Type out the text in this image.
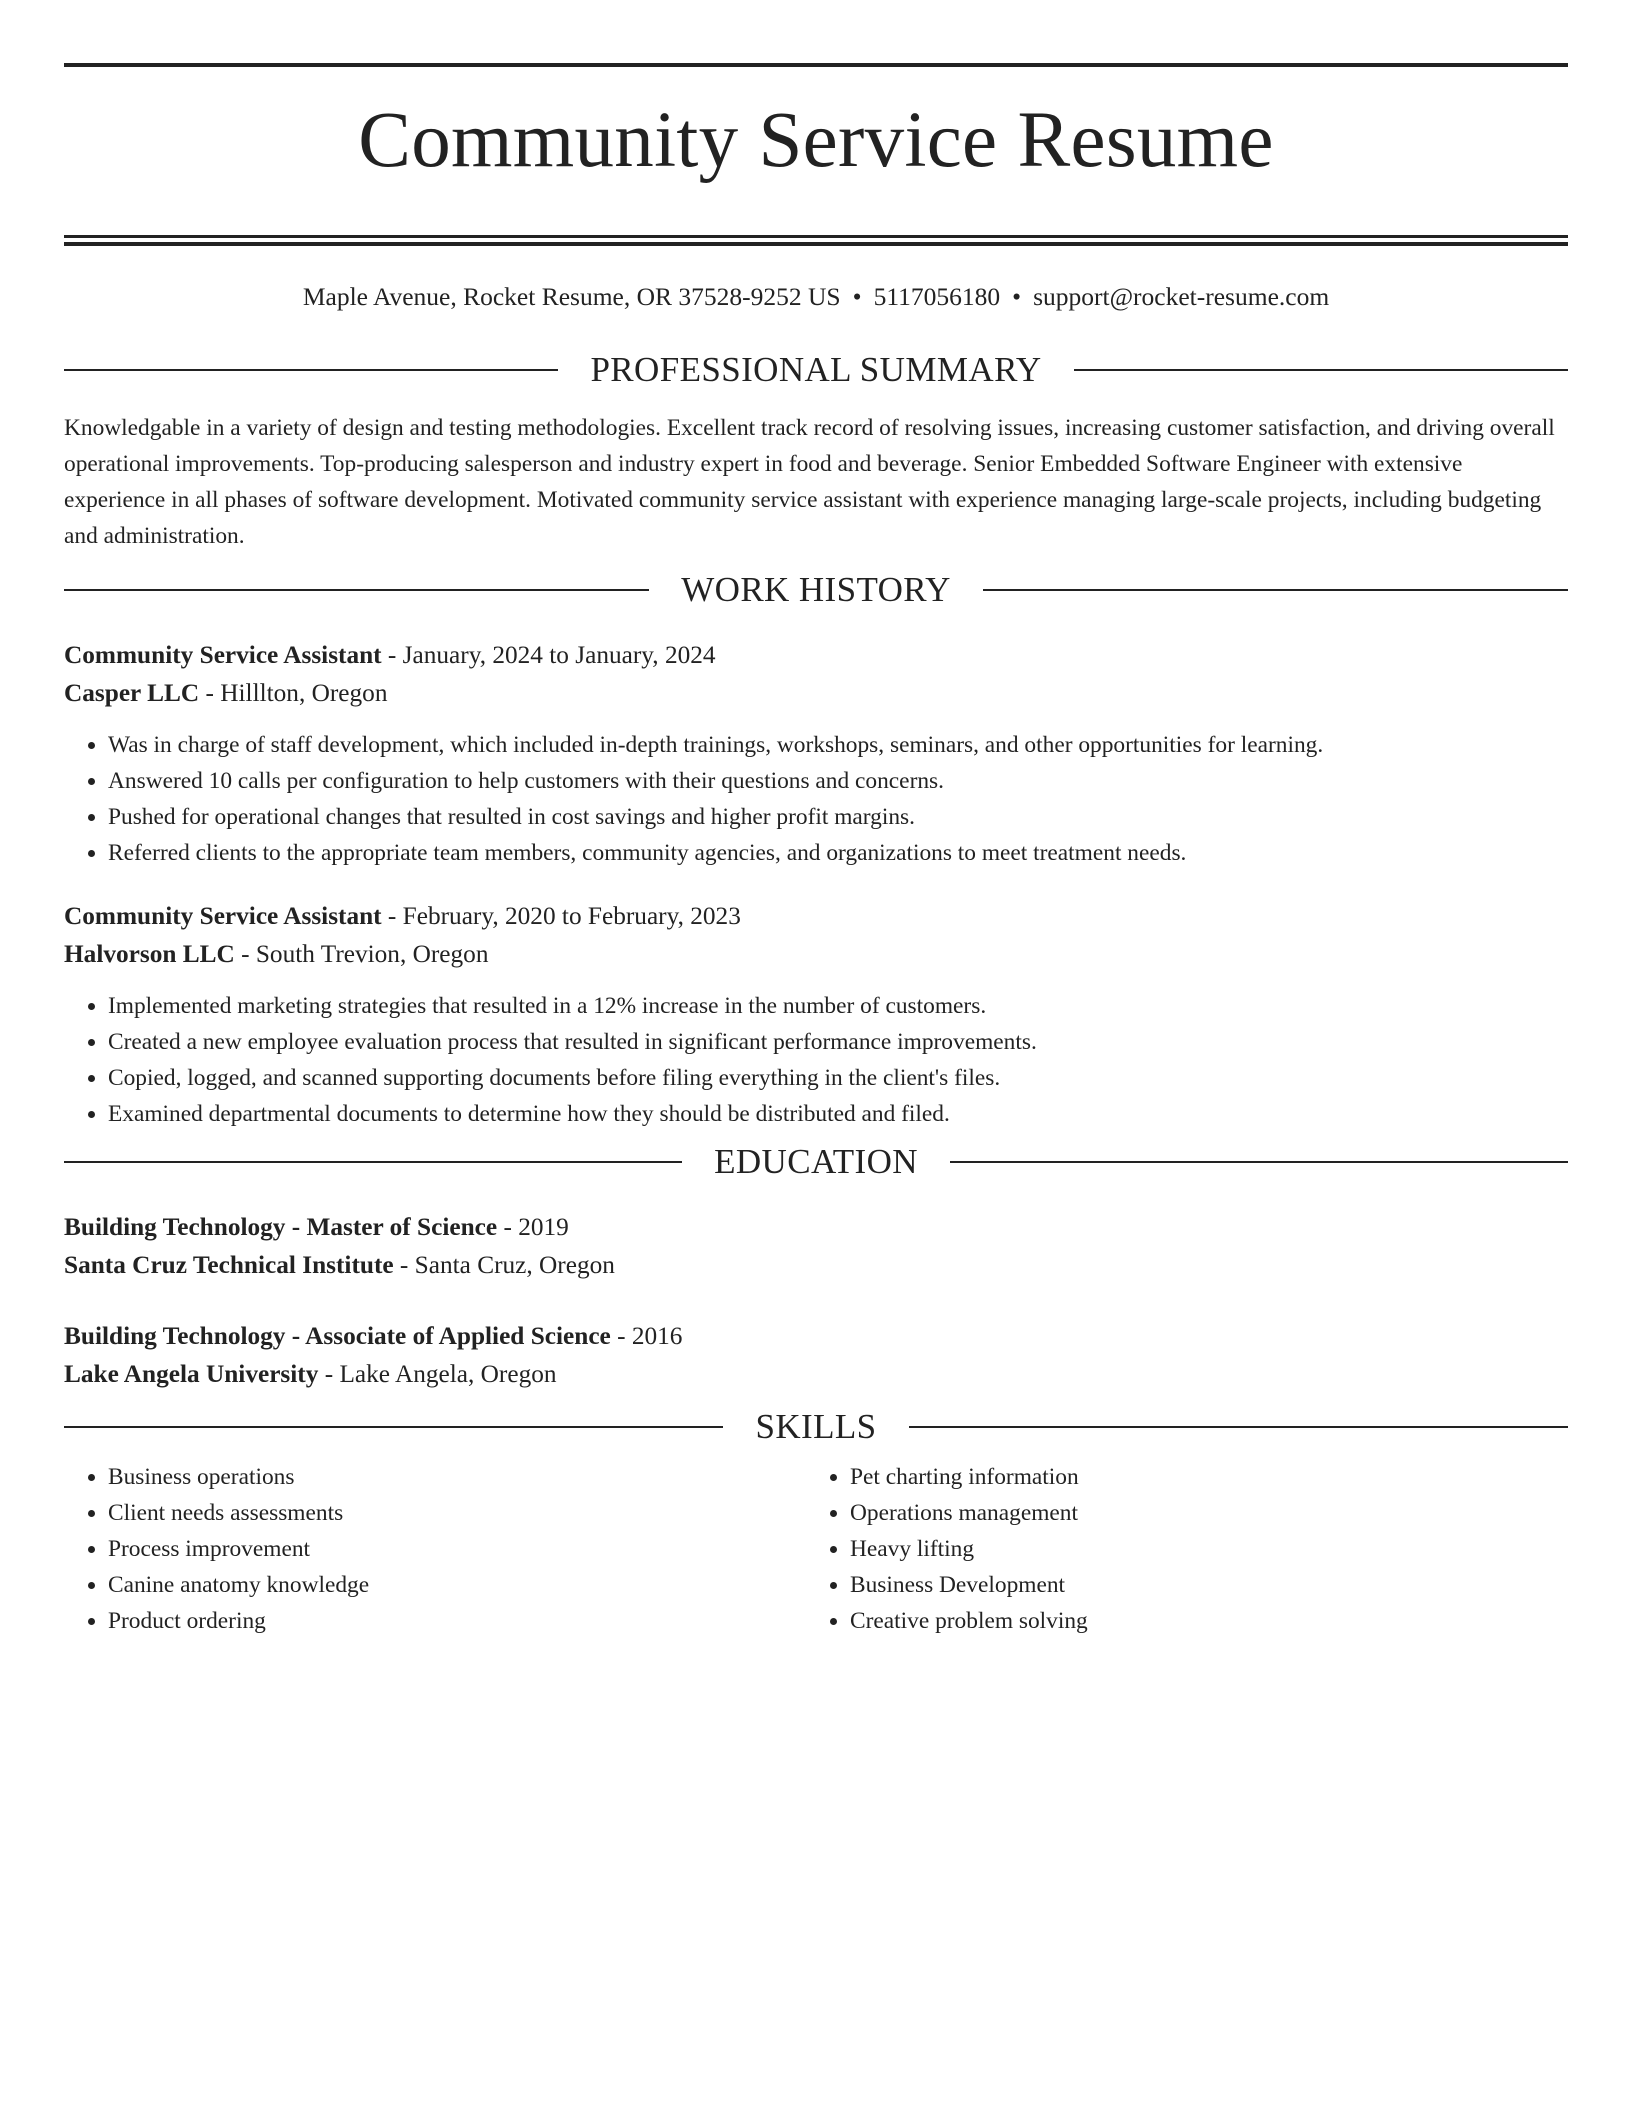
Community Service Resume
Maple Avenue, Rocket Resume, OR 37528-9252 US • 5117056180 • support@rocket-resume.com
PROFESSIONAL SUMMARY

Knowledgable in a variety of design and testing methodologies. Excellent track record of resolving issues, increasing customer satisfaction, and driving overall operational improvements. Top-producing salesperson and industry expert in food and beverage. Senior Embedded Software Engineer with extensive experience in all phases of software development. Motivated community service assistant with experience managing large-scale projects, including budgeting and administration.

WORK HISTORY
Community Service Assistant - January, 2024 to January, 2024
Casper LLC - Hilllton, Oregon
• Was in charge of staff development, which included in-depth trainings, workshops, seminars, and other opportunities for learning.
• Answered 10 calls per configuration to help customers with their questions and concerns.
• Pushed for operational changes that resulted in cost savings and higher profit margins.
• Referred clients to the appropriate team members, community agencies, and organizations to meet treatment needs.
Community Service Assistant - February, 2020 to February, 2023
Halvorson LLC - South Trevion, Oregon
• Implemented marketing strategies that resulted in a 12% increase in the number of customers.
• Created a new employee evaluation process that resulted in significant performance improvements.
• Copied, logged, and scanned supporting documents before filing everything in the client's files.
• Examined departmental documents to determine how they should be distributed and filed.
EDUCATION
Building Technology - Master of Science - 2019
Santa Cruz Technical Institute - Santa Cruz, Oregon
Building Technology - Associate of Applied Science - 2016
Lake Angela University - Lake Angela, Oregon
SKILLS
• Business operations
• Client needs assessments
• Process improvement
• Canine anatomy knowledge
• Product ordering
• Pet charting information
• Operations management
• Heavy lifting
• Business Development
• Creative problem solving
